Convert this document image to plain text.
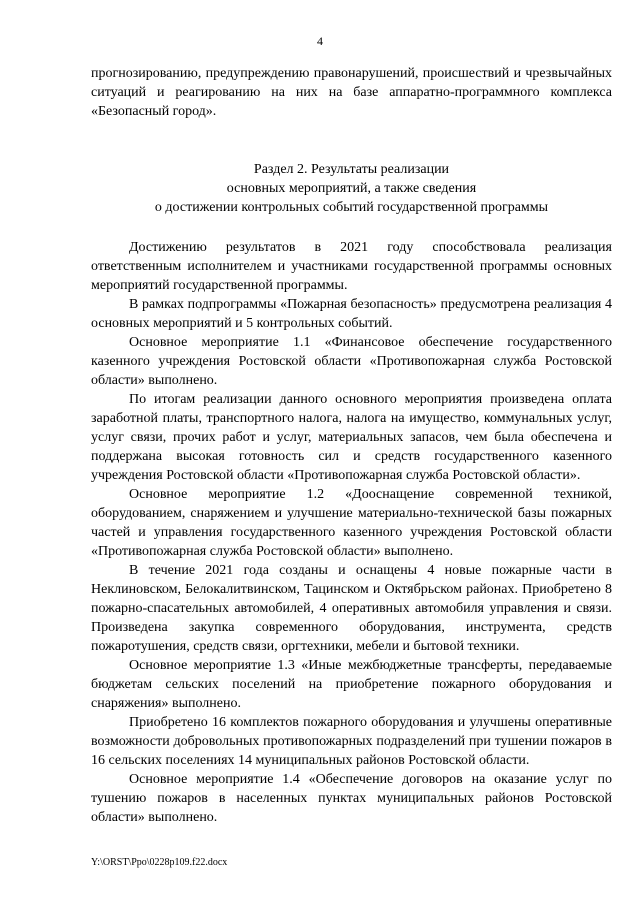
4

прогнозированию, предупреждению правонарушений, происшествий и чрезвычайных ситуаций и реагированию на них на базе аппаратно-программного комплекса «Безопасный город».

Раздел 2. Результаты реализации
основных мероприятий, а также сведения
о достижении контрольных событий государственной программы

Достижению результатов в 2021 году способствовала реализация ответственным исполнителем и участниками государственной программы основных мероприятий государственной программы.

В рамках подпрограммы «Пожарная безопасность» предусмотрена реализация 4 основных мероприятий и 5 контрольных событий.

Основное мероприятие 1.1 «Финансовое обеспечение государственного казенного учреждения Ростовской области «Противопожарная служба Ростовской области» выполнено.

По итогам реализации данного основного мероприятия произведена оплата заработной платы, транспортного налога, налога на имущество, коммунальных услуг, услуг связи, прочих работ и услуг, материальных запасов, чем была обеспечена и поддержана высокая готовность сил и средств государственного казенного учреждения Ростовской области «Противопожарная служба Ростовской области».

Основное мероприятие 1.2 «Дооснащение современной техникой, оборудованием, снаряжением и улучшение материально-технической базы пожарных частей и управления государственного казенного учреждения Ростовской области «Противопожарная служба Ростовской области» выполнено.

В течение 2021 года созданы и оснащены 4 новые пожарные части в Неклиновском, Белокалитвинском, Тацинском и Октябрьском районах. Приобретено 8 пожарно-спасательных автомобилей, 4 оперативных автомобиля управления и связи. Произведена закупка современного оборудования, инструмента, средств пожаротушения, средств связи, оргтехники, мебели и бытовой техники.

Основное мероприятие 1.3 «Иные межбюджетные трансферты, передаваемые бюджетам сельских поселений на приобретение пожарного оборудования и снаряжения» выполнено.

Приобретено 16 комплектов пожарного оборудования и улучшены оперативные возможности добровольных противопожарных подразделений при тушении пожаров в 16 сельских поселениях 14 муниципальных районов Ростовской области.

Основное мероприятие 1.4 «Обеспечение договоров на оказание услуг по тушению пожаров в населенных пунктах муниципальных районов Ростовской области» выполнено.

Y:\ORST\Ppo\0228p109.f22.docx
